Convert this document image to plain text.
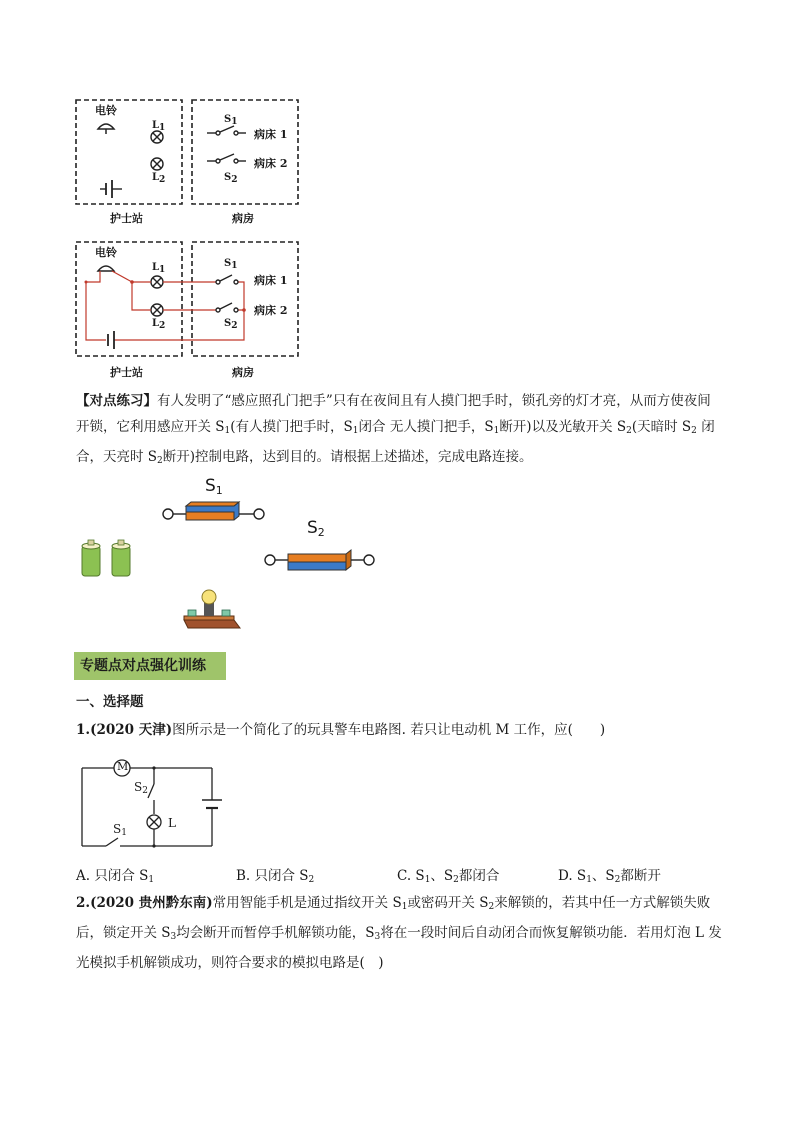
电铃
L1
L2
S1
S2
病床 1
病床 2
护士站	病房
电铃
L1
L2
S1
S2
病床 1
病床 2
护士站	病房
【对点练习】有人发明了“感应照孔门把手”只有在夜间且有人摸门把手时，锁孔旁的灯才亮，从而方使夜间开锁，它利用感应开关 $S_1$(有人摸门把手时，$S_1$闭合 无人摸门把手，$S_1$断开)以及光敏开关 $S_2$(天暗时 $S_2$ 闭合，天亮时 $S_2$断开)控制电路，达到目的。请根据上述描述，完成电路连接。
S1
S2
专题点对点强化训练
一、选择题
1.(2020 天津)图所示是一个简化了的玩具警车电路图. 若只让电动机 M 工作，应(　　)
M
$S_2$
L
$S_1$
A. 只闭合 $S_1$	B. 只闭合 $S_2$	C. $S_1$、$S_2$都闭合	D. $S_1$、$S_2$都断开
2.(2020 贵州黔东南)常用智能手机是通过指纹开关 $S_1$或密码开关 $S_2$来解锁的，若其中任一方式解锁失败后，锁定开关 $S_3$均会断开而暂停手机解锁功能，$S_3$将在一段时间后自动闭合而恢复解锁功能．若用灯泡 L 发光模拟手机解锁成功，则符合要求的模拟电路是(　)
